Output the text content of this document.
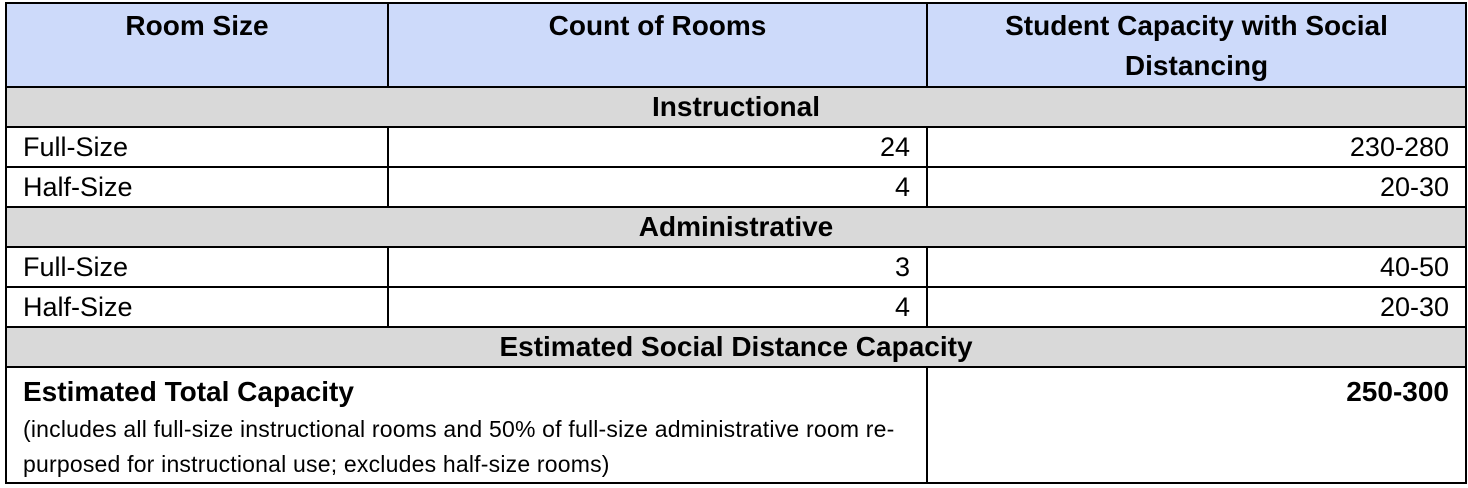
Room Size	Count of Rooms	Student Capacity with Social Distancing
Instructional		
Full-Size	24	230-280
Half-Size	4	20-30
Administrative		
Full-Size	3	40-50
Half-Size	4	20-30
Estimated Social Distance Capacity		

Estimated Total Capacity
(includes all full-size instructional rooms and 50% of full-size administrative room re-purposed for instructional use; excludes half-size rooms)		250-300
